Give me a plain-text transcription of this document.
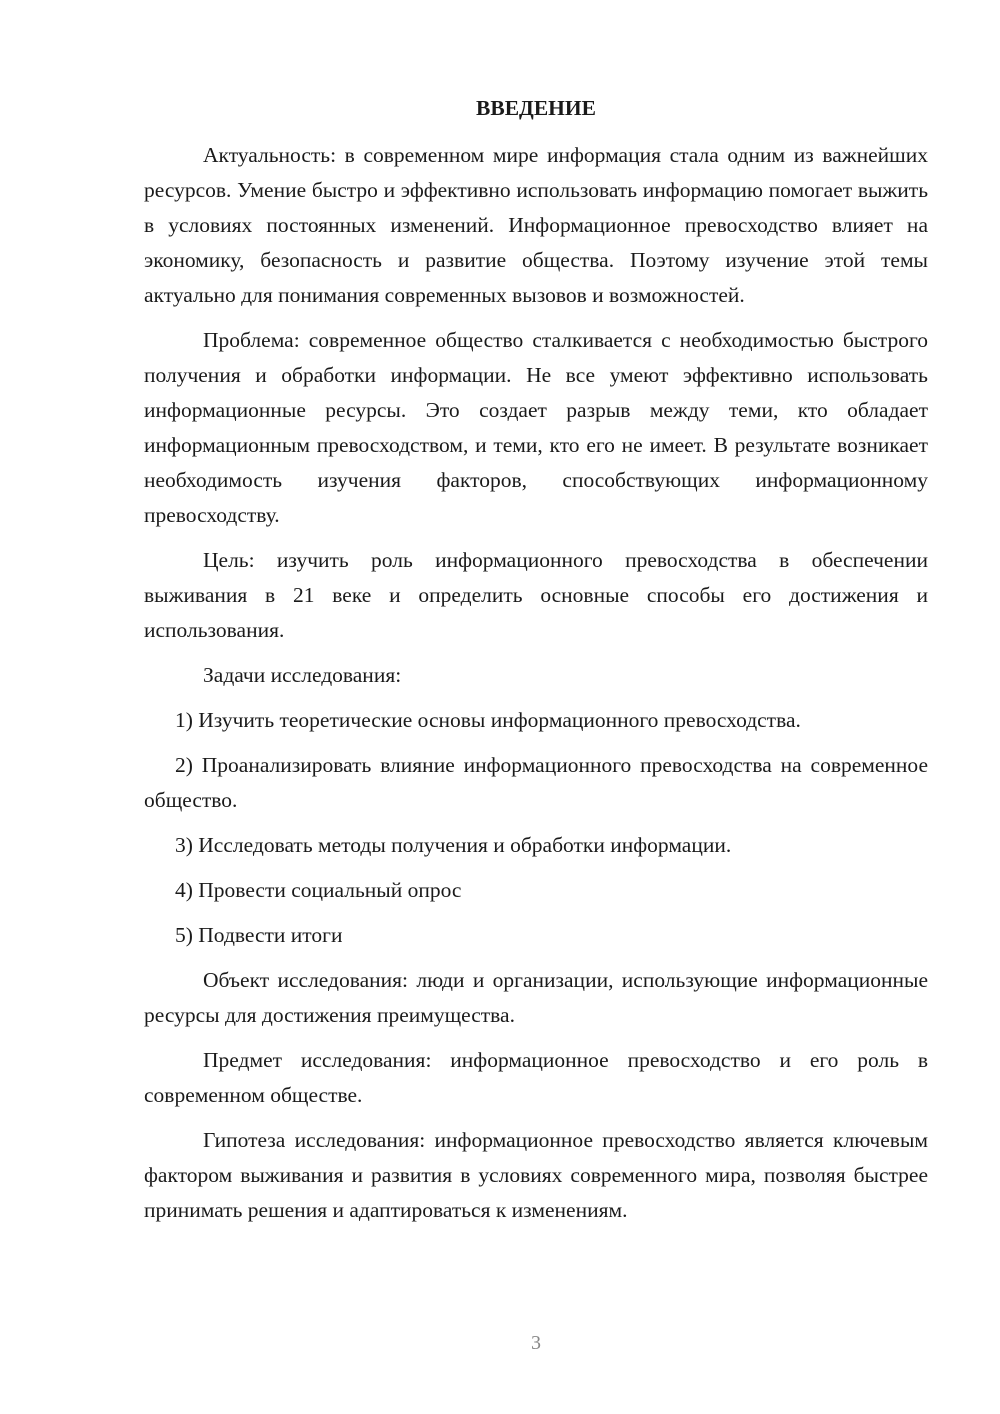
ВВЕДЕНИЕ

Актуальность: в современном мире информация стала одним из важнейших ресурсов. Умение быстро и эффективно использовать информацию помогает выжить в условиях постоянных изменений. Информационное превосходство влияет на экономику, безопасность и развитие общества. Поэтому изучение этой темы актуально для понимания современных вызовов и возможностей.

Проблема: современное общество сталкивается с необходимостью быстрого получения и обработки информации. Не все умеют эффективно использовать информационные ресурсы. Это создает разрыв между теми, кто обладает информационным превосходством, и теми, кто его не имеет. В результате возникает необходимость изучения факторов, способствующих информационному превосходству.

Цель: изучить роль информационного превосходства в обеспечении выживания в 21 веке и определить основные способы его достижения и использования.

Задачи исследования:

1) Изучить теоретические основы информационного превосходства.

2) Проанализировать влияние информационного превосходства на современное общество.

3) Исследовать методы получения и обработки информации.

4) Провести социальный опрос

5) Подвести итоги

Объект исследования: люди и организации, использующие информационные ресурсы для достижения преимущества.

Предмет исследования: информационное превосходство и его роль в современном обществе.

Гипотеза исследования: информационное превосходство является ключевым фактором выживания и развития в условиях современного мира, позволяя быстрее принимать решения и адаптироваться к изменениям.

3
